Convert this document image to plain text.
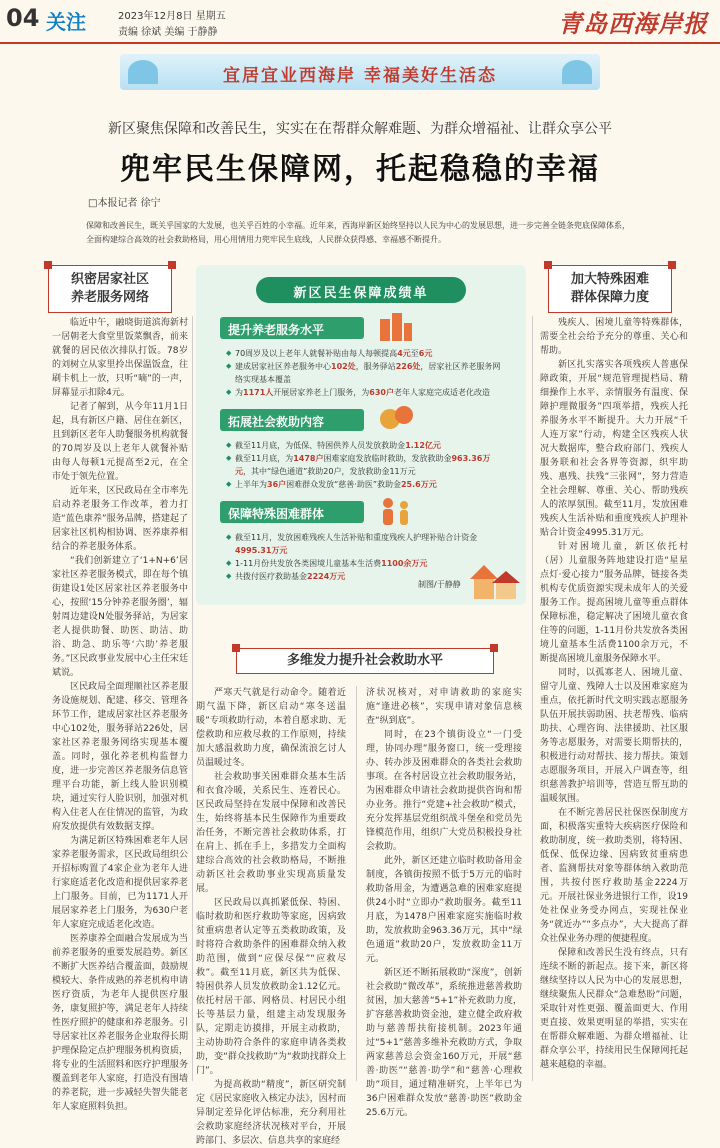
04 关注	2023年12月8日 星期五
责编 徐斌 美编 于静静	青岛西海岸报
宜居宜业西海岸 幸福美好生活态
新区聚焦保障和改善民生，实实在在帮群众解难题、为群众增福祉、让群众享公平
兜牢民生保障网，托起稳稳的幸福
□本报记者 徐宁
保障和改善民生，既关乎国家的大发展，也关乎百姓的小幸福。近年来，西海岸新区始终坚持以人民为中心的发展思想，进一步完善全链条兜底保障体系，全面构建综合高效的社会救助格局，用心用情用力兜牢民生底线，人民群众获得感、幸福感不断提升。
织密居家社区
养老服务网络

临近中午，融晓街道滨海新村一居朝老大食堂里饭菜飘香，前来就餐的居民依次排队打饭。78岁的刘树立从家里拎出保温饭盒，往刷卡机上一放，只听“嘀”的一声，屏幕显示扣除4元。

记者了解到，从今年11月1日起，具有新区户籍、居住在新区，且到新区老年人助餐服务机构就餐的70周岁及以上老年人就餐补贴由每人每顿1元提高至2元，在全市处于领先位置。

近年来，区民政局在全市率先启动养老服务工作改革，着力打造“蓝色康养”服务品牌，搭建起了居家社区机构相协调、医养康养相结合的养老服务体系。

“我们创新建立了‘1+N+6’居家社区养老服务模式，即在每个镇街建设1处区居家社区养老服务中心，按照‘15分钟养老服务圈’，辐射周边建设N处服务驿站，为居家老人提供助餐、助医、助洁、助浴、助急、助乐等‘六助’养老服务。”区民政事业发展中心主任宋廷斌说。

区民政局全面理顺社区养老服务设施规划、配建、移交、管理各环节工作，建成居家社区养老服务中心102处，服务驿站226处，居家社区养老服务网络实现基本覆盖。同时，强化养老机构监督力度，进一步完善区养老服务信息管理平台功能，新上线人脸识别模块，通过实行人脸识别，加强对机构入住老人在住情况的监管，为政府发放提供有效数据支撑。

为满足新区特殊困难老年人居家养老服务需求，区民政局组织公开招标购置了4家企业为老年人进行家庭适老化改造和提供居家养老上门服务。目前，已为1171人开展居家养老上门服务，为630户老年人家庭完成适老化改造。

医养康养全面融合发展成为当前养老服务的重要发展趋势。新区不断扩大医养结合覆盖面，鼓励规模较大、条件成熟的养老机构申请医疗资质，为老年人提供医疗服务，康复照护等，满足老年人持续性医疗照护的健康和养老服务。引导居家社区养老服务企业取得长期护理保险定点护理服务机构资质，将专业的生活照料和医疗护理服务覆盖到老年人家庭，打造没有围墙的养老院，进一步减轻失智失能老年人家庭照料负担。

加大特殊困难
群体保障力度

残疾人、困境儿童等特殊群体，需要全社会给予充分的尊重、关心和帮助。

新区扎实落实各项残疾人普惠保障政策，开展“规范管理提档局、精细操作上水平、亲情服务有温度、保障护理微服务”四项举措，残疾人托养服务水平不断提升。大力开展“千人连万家”行动，构建全区残疾人状况大数据库，整合政府部门、残疾人服务联和社会各界等资源，织牢助残、惠残、扶残“三张网”，努力营造全社会理解、尊重、关心、帮助残疾人的浓厚氛围。截至11月，发放困难残疾人生活补贴和重度残疾人护理补贴合计资金4995.31万元。

针对困境儿童，新区依托村（居）儿童服务阵地建设打造“星星点灯·爱心接力”服务品牌，链接各类机构专优质资源实现未成年人的关爱服务工作。提高困境儿童等重点群体保障标准，稳定解决了困境儿童衣食住等的问题，1-11月份共发放各类困境儿童基本生活费1100余万元，不断提高困境儿童服务保障水平。

同时，以孤寡老人、困境儿童、留守儿童、残障人士以及困难家庭为重点，依托新时代文明实践志愿服务队伍开展扶弱助困、扶老帮残、临病助扶、心理咨询、法律援助、社区服务等志愿服务，对需要长期帮扶的，积极进行动对帮扶、接力帮扶。策划志愿服务项目，开展入户调查等，组织慈善教护培训等，营造互帮互助的温暖氛围。

在不断完善居民社保医保制度方面，积极落实重特大疾病医疗保险和救助制度，统一救助类别，将特困、低保、低保边缘、因病致贫重病患者、监测帮扶对象等群体纳入救助范围，共按付医疗救助基金2224万元。开展社保业务进银行工作，设19处社保业务受办网点，实现社保业务“就近办”“多点办”，大大提高了群众社保业务办理的便捷程度。

保障和改善民生没有终点，只有连续不断的新起点。接下来，新区将继续坚持以人民为中心的发展思想，继续聚焦人民群众“急难愁盼”问题，采取针对性更强、覆盖面更大、作用更直接、效果更明显的举措，实实在在帮群众解难题、为群众增福祉、让群众享公平，持续用民生保障网托起越来越稳的幸福。

新区民生保障成绩单
提升养老服务水平
◆ 70周岁及以上老年人就餐补贴由每人每顿提高4元至6元
◆ 建成居家社区养老服务中心102处，服务驿站226处，居家社区养老服务网络实现基本覆盖
◆ 为1171人开展居家养老上门服务，为630户老年人家庭完成适老化改造
拓展社会救助内容
◆ 截至11月底，为低保、特困供养人员发放救助金1.12亿元
◆ 截至11月底，为1478户困难家庭发放临时救助，发放救助金963.36万元，其中“绿色通道”救助20户，发放救助金11万元
◆ 上半年为36户困难群众发放“慈善·助医”救助金25.6万元
保障特殊困难群体
◆ 截至11月，发放困难残疾人生活补贴和重度残疾人护理补贴合计资金4995.31万元
◆ 1-11月份共发放各类困境儿童基本生活费1100余万元
◆ 共拨付医疗救助基金2224万元
制图/于静静
多维发力提升社会救助水平

严寒天气就是行动命令。随着近期气温下降，新区启动“寒冬送温暖”专项救助行动，本着自愿求助、无偿救助和应救尽救的工作原则，持续加大感温救助力度，确保流浪乞讨人员温暖过冬。

社会救助事关困难群众基本生活和衣食冷暖，关系民生、连着民心。区民政局坚持在发展中保障和改善民生，始终将基本民生保障作为重要政治任务，不断完善社会救助体系，打在肩上、抓在手上，多措发力全面构建综合高效的社会救助格局，不断推动新区社会救助事业实现高质量发展。

区民政局以真抓紧低保、特困、临时救助和医疗救助等家庭，因病致贫重病患者认定等五类救助政策，及时将符合救助条件的困难群众纳入救助范围，做到“应保尽保”“应救尽救”。截至11月底，新区共为低保、特困供养人员发放救助金1.12亿元。依托村居干部、网格员、村居民小组长等基层力量，组建主动发现服务队，定期走访摸排，开展主动救助，主动协助符合条件的家庭申请各类救助，变“群众找救助”为“救助找群众上门”。

为提高救助“精度”，新区研究制定《居民家庭收入核定办法》，因村而异制定差异化评估标准，充分利用社会救助家庭经济状况核对平台，开展跨部门、多层次、信息共享的家庭经

济状况核对，对申请救助的家庭实施“逢进必核”，实现申请对象信息核查“纵到底”。

同时，在23个镇街设立“一门受理，协同办理”服务窗口，统一受理接办、转办涉及困难群众的各类社会救助事项。在各村居设立社会救助服务站，为困难群众申请社会救助提供咨询和帮办业务。推行“党建+社会救助”模式，充分发挥基层党组织战斗堡垒和党员先锋模范作用，组织广大党员积极投身社会救助。

此外，新区还建立临时救助备用金制度，各镇街按照不低于5万元的临时救助备用金，为遭遇急难的困难家庭提供24小时“立即办”救助服务。截至11月底，为1478户困难家庭实施临时救助，发放救助金963.36万元，其中“绿色通道”救助20户，发放救助金11万元。

新区还不断拓展救助“深度”，创新社会救助“微改革”，系统推进慈善救助贫困，加大慈善“5+1”补充救助力度，扩容慈善救助资金池，建立健全政府救助与慈善帮扶衔接机制。2023年通过“5+1”慈善多维补充救助方式，争取两家慈善总会资金160万元，开展“慈善·助医”“慈善·助学”和“慈善·心理救助”项目，通过精准研究，上半年已为36户困难群众发放“慈善·助医”救助金25.6万元。
